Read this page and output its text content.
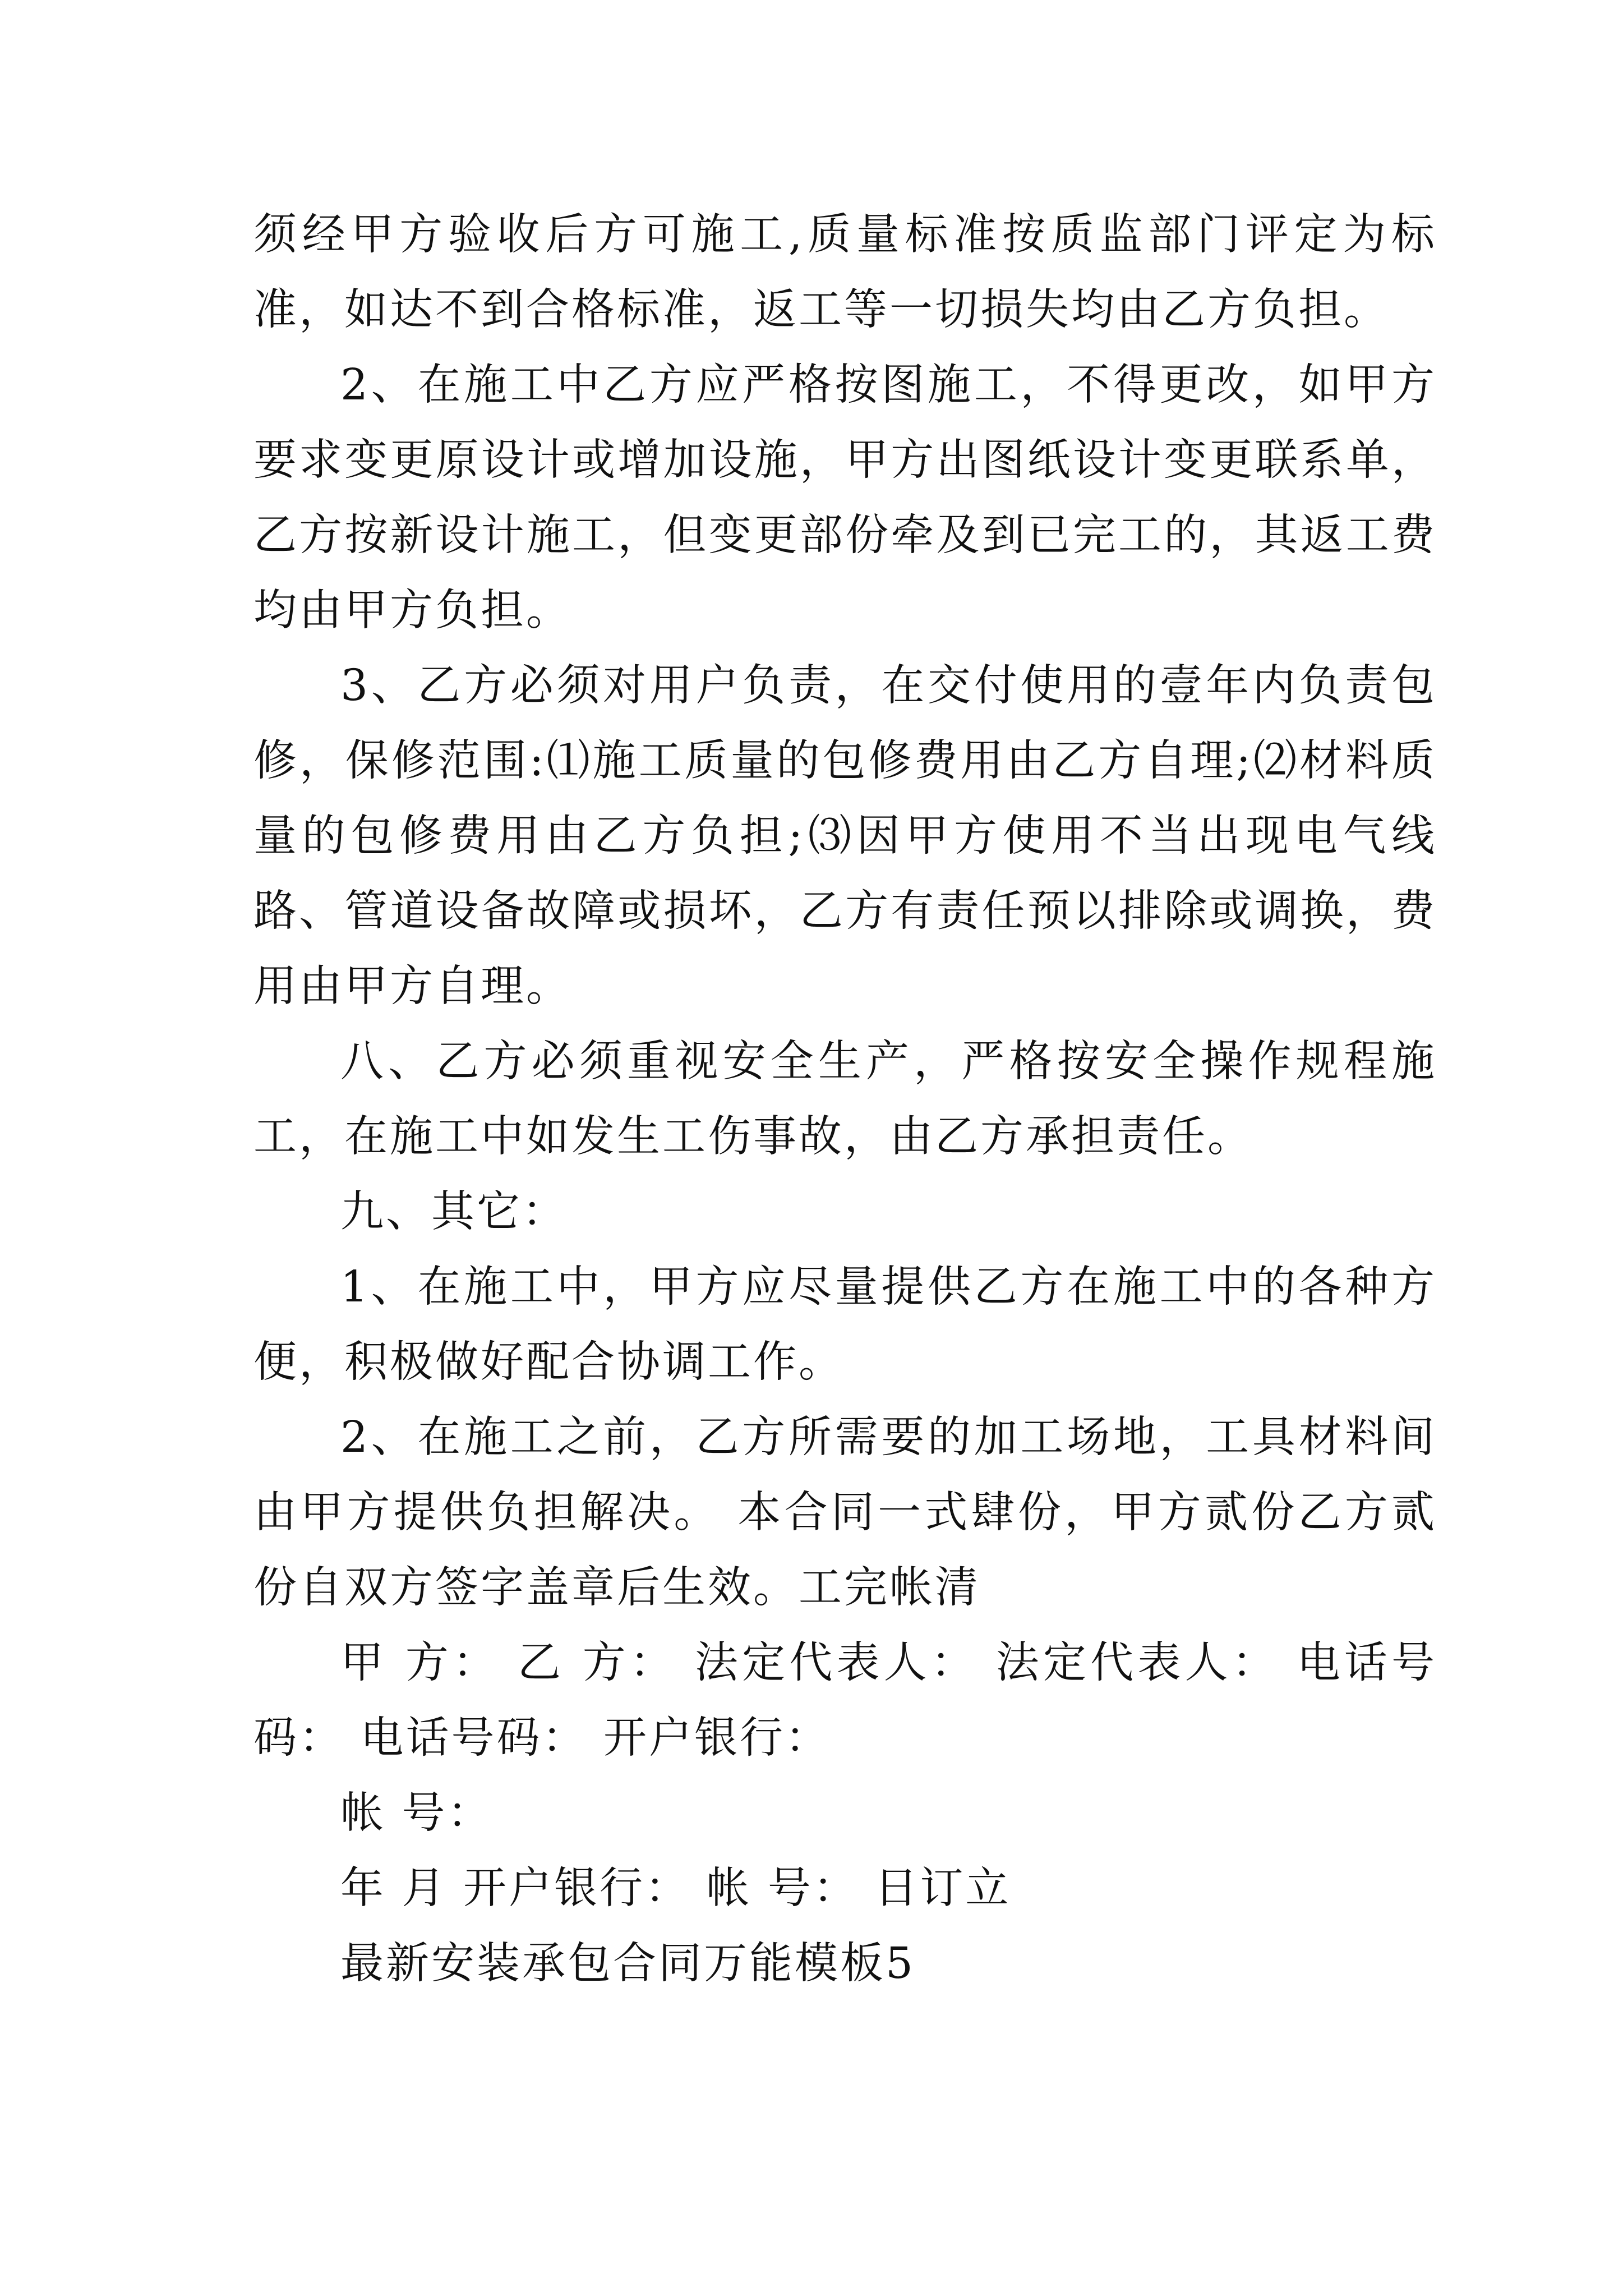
须经甲方验收后方可施工,质量标准按质监部门评定为标准，如达不到合格标准，返工等一切损失均由乙方负担。

2、在施工中乙方应严格按图施工，不得更改，如甲方要求变更原设计或增加设施，甲方出图纸设计变更联系单，乙方按新设计施工，但变更部份牵及到已完工的，其返工费均由甲方负担。

3、乙方必须对用户负责，在交付使用的壹年内负责包修，保修范围:⑴施工质量的包修费用由乙方自理;⑵材料质量的包修费用由乙方负担;⑶因甲方使用不当出现电气线路、管道设备故障或损坏，乙方有责任预以排除或调换，费用由甲方自理。

八、乙方必须重视安全生产，严格按安全操作规程施工，在施工中如发生工伤事故，由乙方承担责任。

九、其它：

1、在施工中，甲方应尽量提供乙方在施工中的各种方便，积极做好配合协调工作。

2、在施工之前，乙方所需要的加工场地，工具材料间由甲方提供负担解决。 本合同一式肆份，甲方贰份乙方贰份自双方签字盖章后生效。工完帐清

甲 方： 乙 方： 法定代表人： 法定代表人： 电话号码： 电话号码： 开户银行：

帐 号：

年 月 开户银行： 帐 号： 日订立

最新安装承包合同万能模板5
